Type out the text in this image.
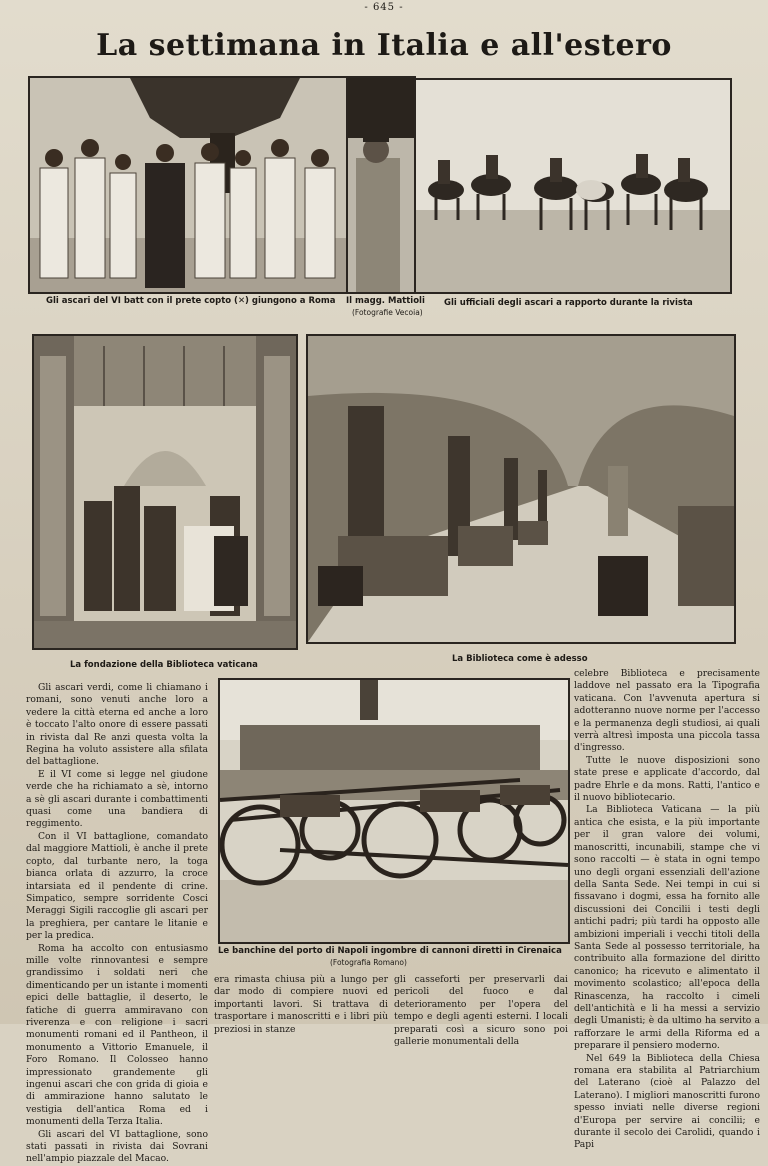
- 645 -
La settimana in Italia e all'estero
Gli ascari del VI batt con il prete copto (✕) giungono a Roma Il magg. Mattioli Gli ufficiali degli ascari a rapporto durante la rivista
(Fotografie Vecoia)
La fondazione della Biblioteca vaticana
La Biblioteca come è adesso

Gli ascari verdi, come li chiamano i romani, sono venuti anche loro a vedere la città eterna ed anche a loro è toccato l'alto onore di essere passati in rivista dal Re anzi questa volta la Regina ha voluto assistere alla sfilata del battaglione.

E il VI come si legge nel giudone verde che ha richiamato a sè, intorno a sè gli ascari durante i combattimenti quasi come una bandiera di reggimento.

Con il VI battaglione, comandato dal maggiore Mattioli, è anche il prete copto, dal turbante nero, la toga bianca orlata di azzurro, la croce intarsiata ed il pendente di crine. Simpatico, sempre sorridente Cosci Meraggi Sigili raccoglie gli ascari per la preghiera, per cantare le litanie e per la predica.

Roma ha accolto con entusiasmo mille volte rinnovantesi e sempre grandissimo i soldati neri che dimenticando per un istante i momenti epici delle battaglie, il deserto, le fatiche di guerra ammiravano con riverenza e con religione i sacri monumenti romani ed il Pantheon, il monumento a Vittorio Emanuele, il Foro Romano. Il Colosseo hanno impressionato grandemente gli ingenui ascari che con grida di gioia e di ammirazione hanno salutato le vestigia dell'antica Roma ed i monumenti della Terza Italia.

Gli ascari del VI battaglione, sono stati passati in rivista dai Sovrani nell'ampio piazzale del Macao.

Le banchine del porto di Napoli ingombre di cannoni diretti in Cirenaica
(Fotografia Romano)

era rimasta chiusa più a lungo per dar modo di compiere nuovi ed importanti lavori. Si trattava di trasportare i manoscritti e i libri più preziosi in stanze

gli casseforti per preservarli dai pericoli del fuoco e dal deterioramento per l'opera del tempo e degli agenti esterni. I locali preparati così a sicuro sono poi gallerie monumentali della

celebre Biblioteca e precisamente laddove nel passato era la Tipografia vaticana. Con l'avvenuta apertura si adotteranno nuove norme per l'accesso e la permanenza degli studiosi, ai quali verrà altresì imposta una piccola tassa d'ingresso.

Tutte le nuove disposizioni sono state prese e applicate d'accordo, dal padre Ehrle e da mons. Ratti, l'antico e il nuovo bibliotecario.

La Biblioteca Vaticana — la più antica che esista, e la più importante per il gran valore dei volumi, manoscritti, incunabili, stampe che vi sono raccolti — è stata in ogni tempo uno degli organi essenziali dell'azione della Santa Sede. Nei tempi in cui si fissavano i dogmi, essa ha fornito alle discussioni dei Concilii i testi degli antichi padri; più tardi ha opposto alle ambizioni imperiali i vecchi titoli della Santa Sede al possesso territoriale, ha contribuito alla formazione del diritto canonico; ha ricevuto e alimentato il movimento scolastico; all'epoca della Rinascenza, ha raccolto i cimeli dell'antichità e li ha messi a servizio degli Umanisti; è da ultimo ha servito a rafforzare le armi della Riforma ed a preparare il pensiero moderno.

Nel 649 la Biblioteca della Chiesa romana era stabilita al Patriarchium del Laterano (cioè al Palazzo del Laterano). I migliori manoscritti furono spesso inviati nelle diverse regioni d'Europa per servire ai concilii; e durante il secolo dei Carolidi, quando i Papi
